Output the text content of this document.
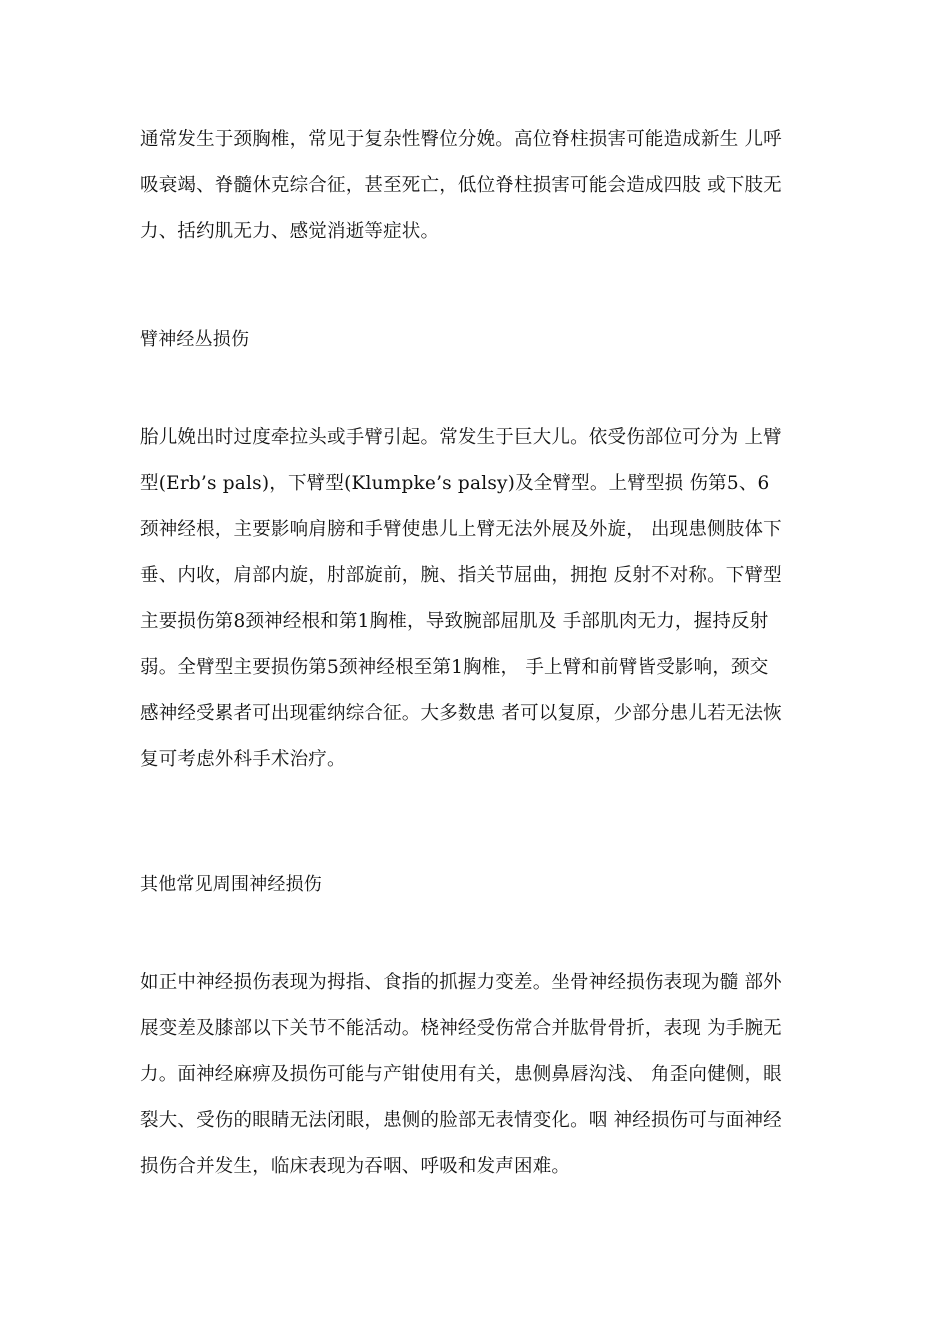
通常发生于颈胸椎，常见于复杂性臀位分娩。高位脊柱损害可能造成新生 儿呼
吸衰竭、脊髓休克综合征，甚至死亡，低位脊柱损害可能会造成四肢 或下肢无
力、括约肌无力、感觉消逝等症状。
臂神经丛损伤
胎儿娩出时过度牵拉头或手臂引起。常发生于巨大儿。依受伤部位可分为 上臂
型(Erb’s pals)，下臂型(Klumpke’s palsy)及全臂型。上臂型损 伤第5、6
颈神经根，主要影响肩膀和手臂使患儿上臂无法外展及外旋， 出现患侧肢体下
垂、内收，肩部内旋，肘部旋前，腕、指关节屈曲，拥抱 反射不对称。下臂型
主要损伤第8颈神经根和第1胸椎，导致腕部屈肌及 手部肌肉无力，握持反射
弱。全臂型主要损伤第5颈神经根至第1胸椎， 手上臂和前臂皆受影响，颈交
感神经受累者可出现霍纳综合征。大多数患 者可以复原，少部分患儿若无法恢
复可考虑外科手术治疗。
其他常见周围神经损伤
如正中神经损伤表现为拇指、食指的抓握力变差。坐骨神经损伤表现为髓 部外
展变差及膝部以下关节不能活动。桡神经受伤常合并肱骨骨折，表现 为手腕无
力。面神经麻痹及损伤可能与产钳使用有关，患侧鼻唇沟浅、 角歪向健侧，眼
裂大、受伤的眼睛无法闭眼，患侧的脸部无表情变化。咽 神经损伤可与面神经
损伤合并发生，临床表现为吞咽、呼吸和发声困难。
